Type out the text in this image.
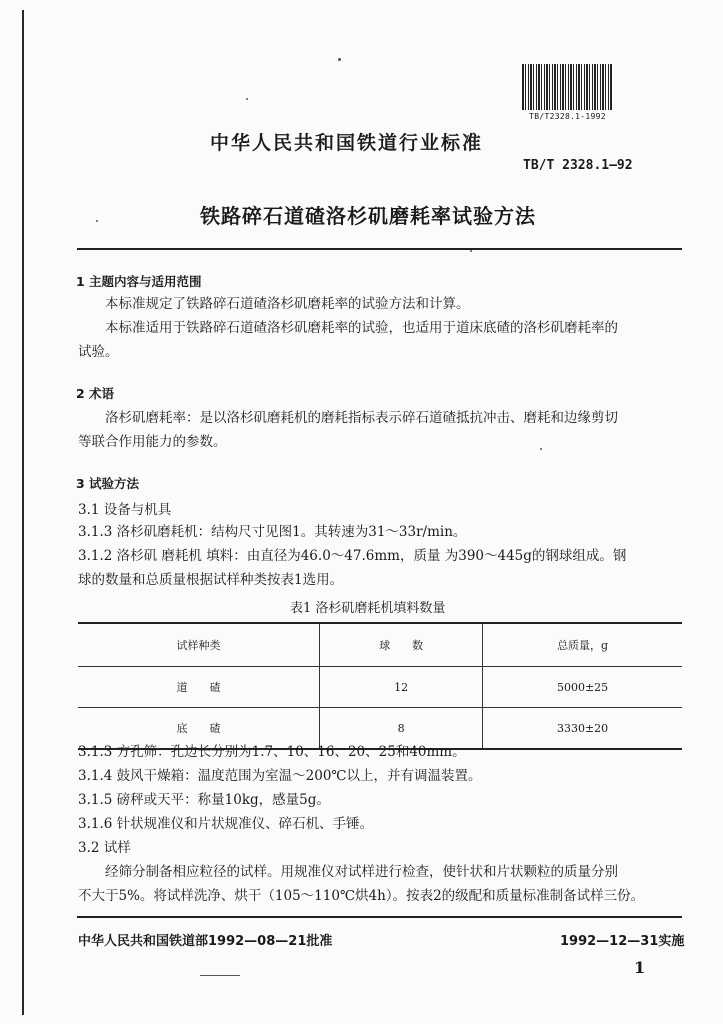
TB/T2328.1-1992
中华人民共和国铁道行业标准
TB/T 2328.1—92
铁路碎石道碴洛杉矶磨耗率试验方法
1 主题内容与适用范围
本标准规定了铁路碎石道碴洛杉矶磨耗率的试验方法和计算。
本标准适用于铁路碎石道碴洛杉矶磨耗率的试验，也适用于道床底碴的洛杉矶磨耗率的
试验。
2 术语
洛杉矶磨耗率：是以洛杉矶磨耗机的磨耗指标表示碎石道碴抵抗冲击、磨耗和边缘剪切
等联合作用能力的参数。
3 试验方法
3.1 设备与机具
3.1.3 洛杉矶磨耗机：结构尺寸见图1。其转速为31～33r/min。
3.1.2 洛杉矶 磨耗机 填料：由直径为46.0～47.6mm，质量 为390～445g的钢球组成。钢
球的数量和总质量根据试样种类按表1选用。
表1 洛杉矶磨耗机填料数量
试样种类	球　　数	总质量，g
道　　碴	12	5000±25
底　　碴	8	3330±20
3.1.3 方孔筛：孔边长分别为1.7、10、16、20、25和40mm。
3.1.4 鼓风干燥箱：温度范围为室温～200℃以上，并有调温装置。
3.1.5 磅秤或天平：称量10kg，感量5g。
3.1.6 针状规准仪和片状规准仪、碎石机、手锤。
3.2 试样
经筛分制备相应粒径的试样。用规准仪对试样进行检查，使针状和片状颗粒的质量分别
不大于5%。将试样洗净、烘干（105～110℃烘4h）。按表2的级配和质量标准制备试样三份。
中华人民共和国铁道部1992—08—21批准	1992—12—31实施
1
